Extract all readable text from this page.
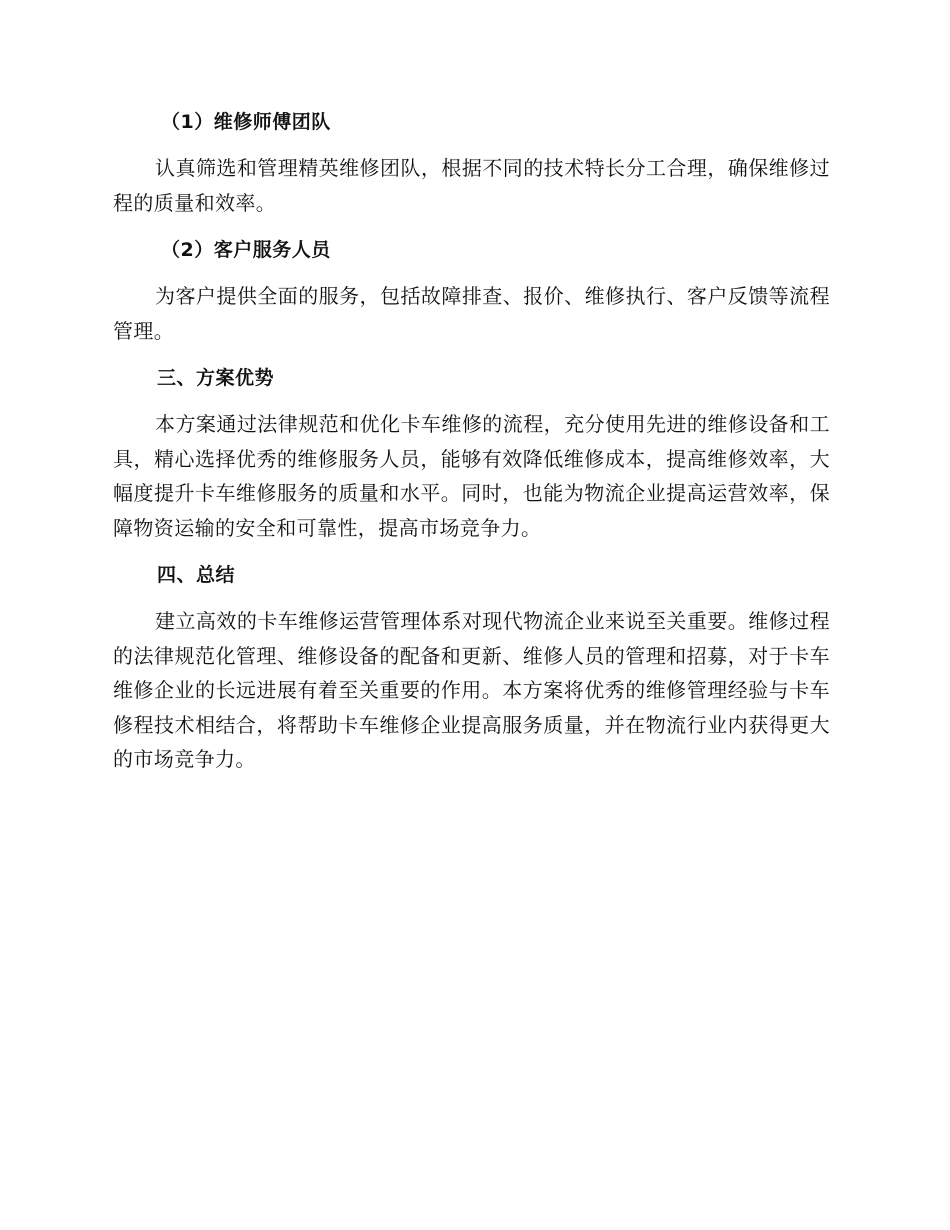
（1）维修师傅团队

认真筛选和管理精英维修团队，根据不同的技术特长分工合理，确保维修过程的质量和效率。

（2）客户服务人员

为客户提供全面的服务，包括故障排查、报价、维修执行、客户反馈等流程管理。

三、方案优势

本方案通过法律规范和优化卡车维修的流程，充分使用先进的维修设备和工具，精心选择优秀的维修服务人员，能够有效降低维修成本，提高维修效率，大幅度提升卡车维修服务的质量和水平。同时，也能为物流企业提高运营效率，保障物资运输的安全和可靠性，提高市场竞争力。

四、总结

建立高效的卡车维修运营管理体系对现代物流企业来说至关重要。维修过程的法律规范化管理、维修设备的配备和更新、维修人员的管理和招募，对于卡车维修企业的长远进展有着至关重要的作用。本方案将优秀的维修管理经验与卡车修程技术相结合，将帮助卡车维修企业提高服务质量，并在物流行业内获得更大的市场竞争力。
